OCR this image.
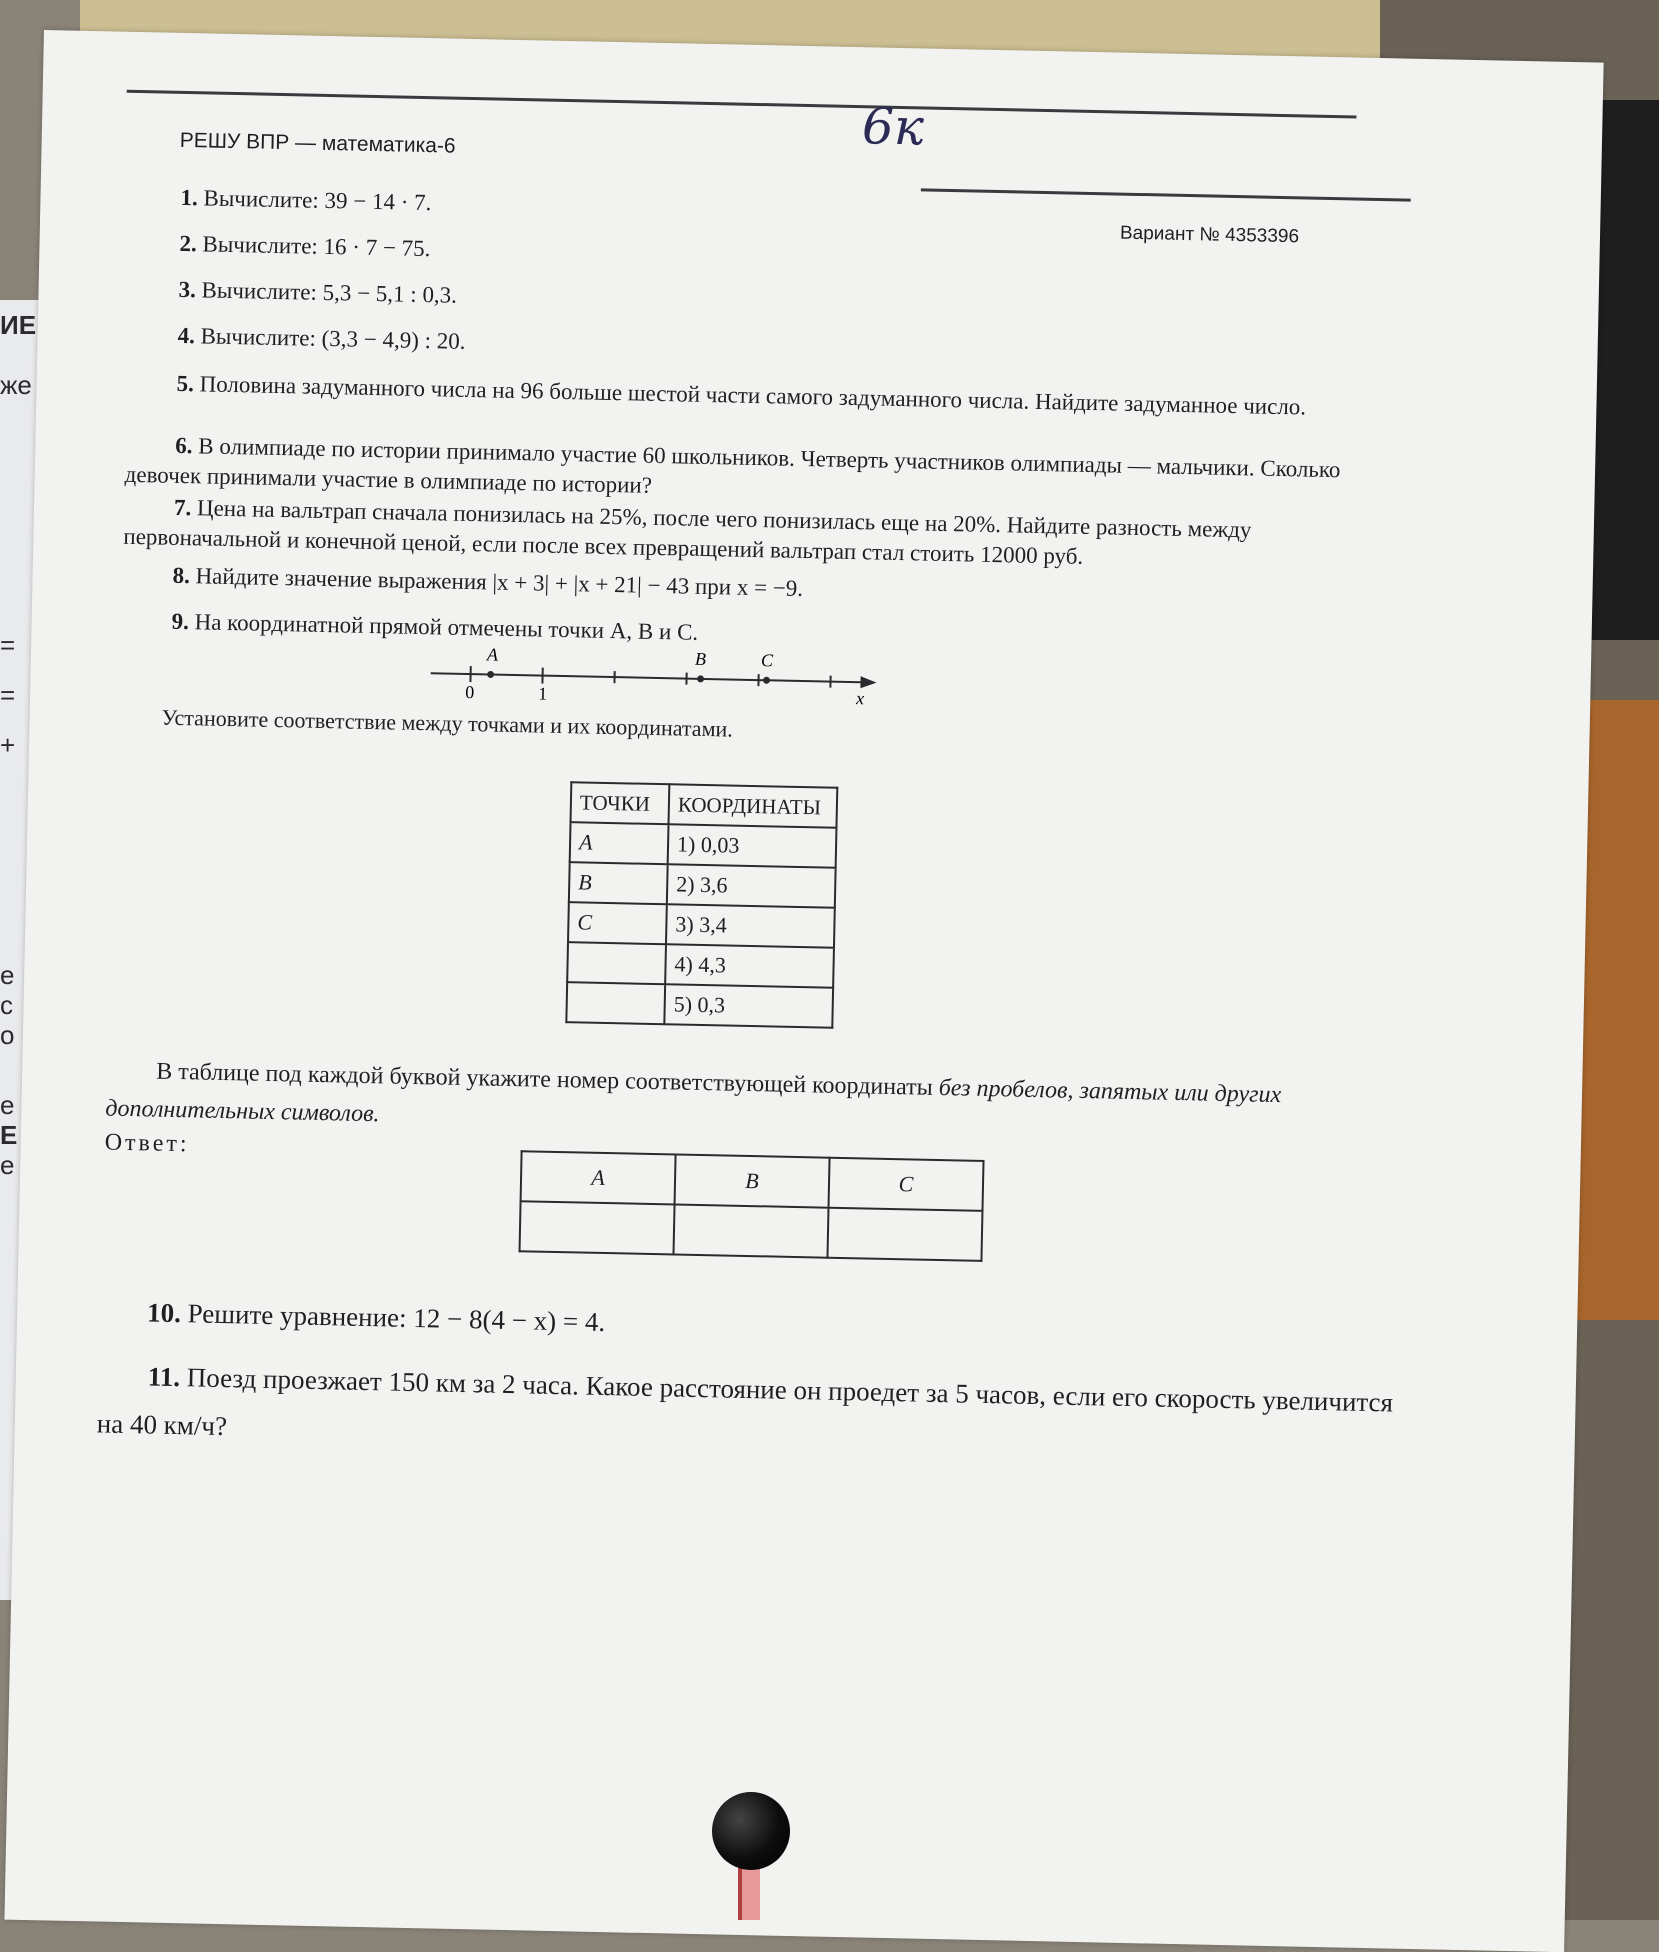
ИЕ
же
=
=
+
е
с
о
е
Е
е
РЕШУ ВПР — математика-6
Вариант № 4353396
6к
1. Вычислите: 39 − 14 · 7.
2. Вычислите: 16 · 7 − 75.
3. Вычислите: 5,3 − 5,1 : 0,3.
4. Вычислите: (3,3 − 4,9) : 20.
5. Половина задуманного числа на 96 больше шестой части самого задуманного числа. Найдите задуманное число.
6. В олимпиаде по истории принимало участие 60 школьников. Четверть участников олимпиады — мальчики. Сколько девочек принимали участие в олимпиаде по истории?
7. Цена на вальтрап сначала понизилась на 25%, после чего понизилась еще на 20%. Найдите разность между первоначальной и конечной ценой, если после всех превращений вальтрап стал стоить 12000 руб.
8. Найдите значение выражения |x + 3| + |x + 21| − 43 при x = −9.
9. На координатной прямой отмечены точки A, B и C.
A	B	C
0	1	x
Установите соответствие между точками и их координатами.
ТОЧКИ	КООРДИНАТЫ
A	1) 0,03
B	2) 3,6
C	3) 3,4
	4) 4,3
	5) 0,3
В таблице под каждой буквой укажите номер соответствующей координаты без пробелов, запятых или других дополнительных символов.
Ответ:
A	B	C

10. Решите уравнение: 12 − 8(4 − x) = 4.
11. Поезд проезжает 150 км за 2 часа. Какое расстояние он проедет за 5 часов, если его скорость увеличится на 40 км/ч?
